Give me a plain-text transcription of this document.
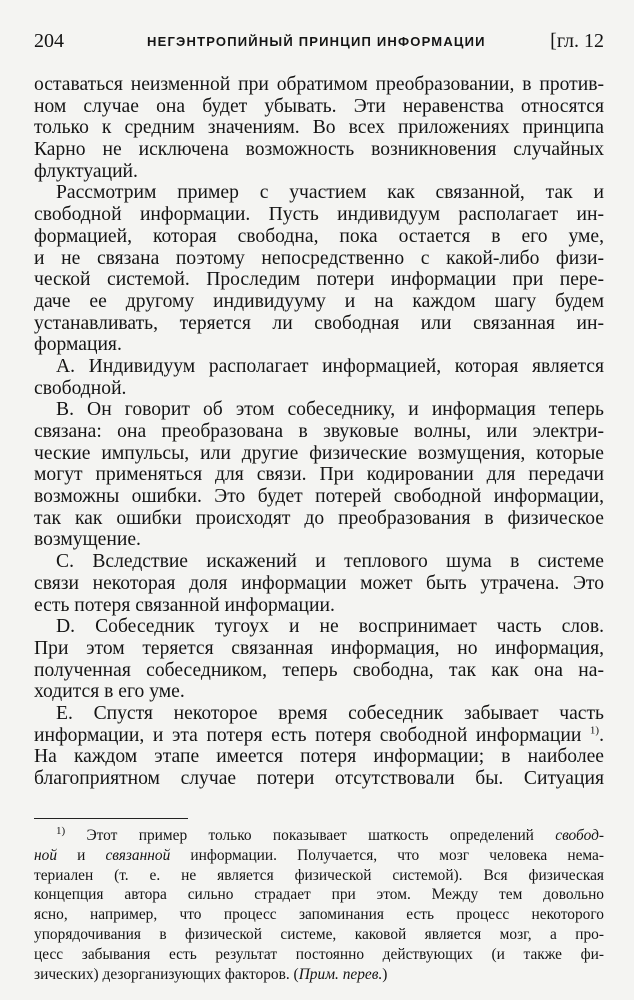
204	НЕГЭНТРОПИЙНЫЙ ПРИНЦИП ИНФОРМАЦИИ	[гл. 12
оставаться неизменной при обратимом преобразовании, в против-
ном случае она будет убывать. Эти неравенства относятся
только к средним значениям. Во всех приложениях принципа
Карно не исключена возможность возникновения случайных
флуктуаций.
Рассмотрим пример с участием как связанной, так и
свободной информации. Пусть индивидуум располагает ин-
формацией, которая свободна, пока остается в его уме,
и не связана поэтому непосредственно с какой-либо физи-
ческой системой. Проследим потери информации при пере-
даче ее другому индивидууму и на каждом шагу будем
устанавливать, теряется ли свободная или связанная ин-
формация.
A. Индивидуум располагает информацией, которая является
свободной.
B. Он говорит об этом собеседнику, и информация теперь
связана: она преобразована в звуковые волны, или электри-
ческие импульсы, или другие физические возмущения, которые
могут применяться для связи. При кодировании для передачи
возможны ошибки. Это будет потерей свободной информации,
так как ошибки происходят до преобразования в физическое
возмущение.
C. Вследствие искажений и теплового шума в системе
связи некоторая доля информации может быть утрачена. Это
есть потеря связанной информации.
D. Собеседник тугоух и не воспринимает часть слов.
При этом теряется связанная информация, но информация,
полученная собеседником, теперь свободна, так как она на-
ходится в его уме.
E. Спустя некоторое время собеседник забывает часть
информации, и эта потеря есть потеря свободной информации $^{1)}$.
На каждом этапе имеется потеря информации; в наиболее
благоприятном случае потери отсутствовали бы. Ситуация
$^{1)}$ Этот пример только показывает шаткость определений свобод-
ной и связанной информации. Получается, что мозг человека нема-
териален (т. е. не является физической системой). Вся физическая
концепция автора сильно страдает при этом. Между тем довольно
ясно, например, что процесс запоминания есть процесс некоторого
упорядочивания в физической системе, каковой является мозг, а про-
цесс забывания есть результат постоянно действующих (и также фи-
зических) дезорганизующих факторов. (Прим. перев.)
